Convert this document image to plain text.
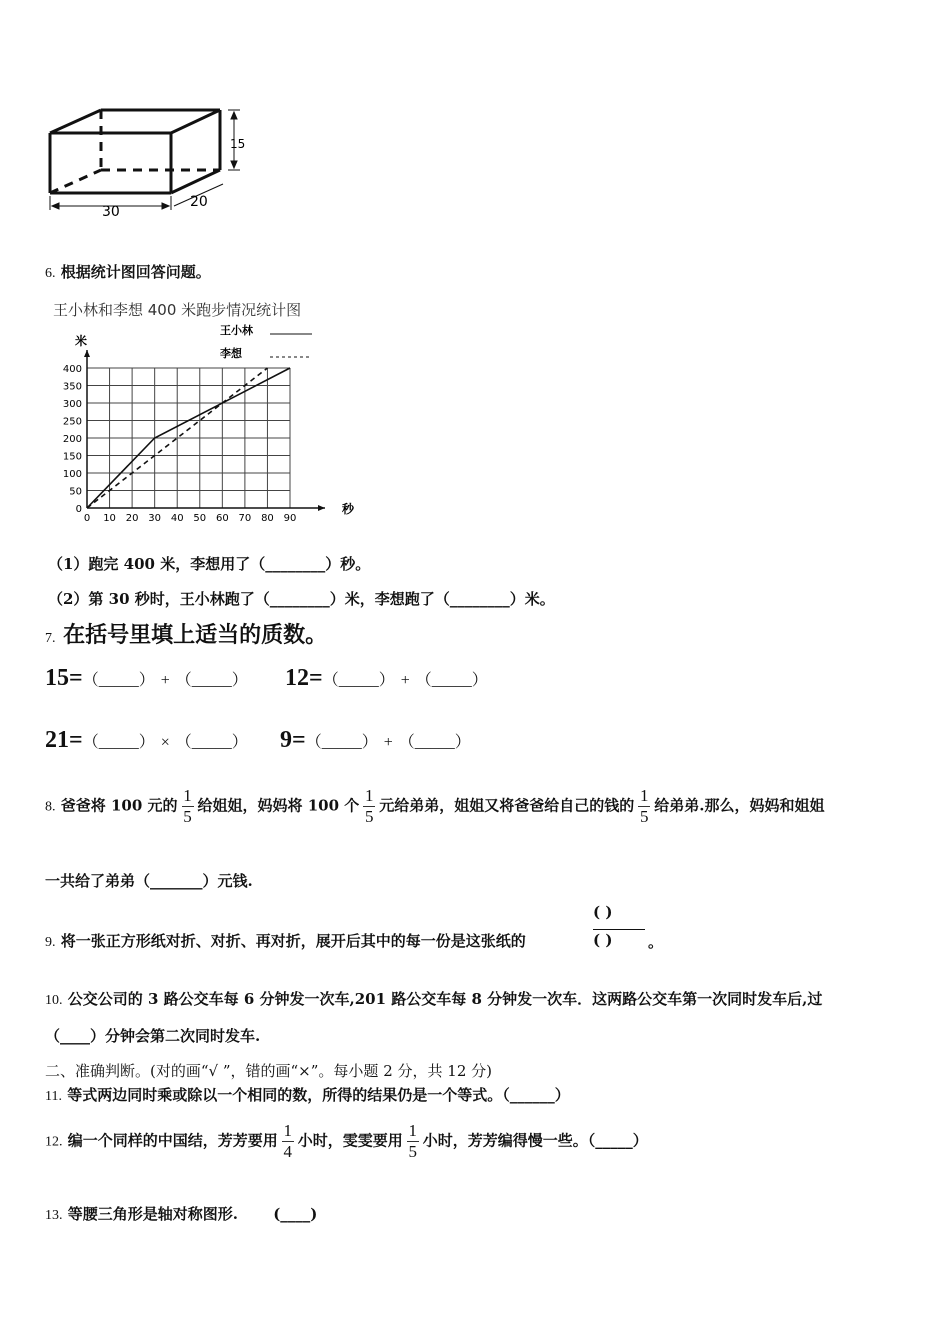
15
30
20
6. 根据统计图回答问题。
王小林和李想 400 米跑步情况统计图
米
秒
王小林
李想
0 10 20 30 40 50 60 70 80 90
0
50
100
150
200
250
300
350
400
（1）跑完 400 米，李想用了（________）秒。
（2）第 30 秒时，王小林跑了（________）米，李想跑了（________）米。
7. 在括号里填上适当的质数。
15=（_____） + （_____） 12=（_____） + （_____）
21=（_____） × （_____） 9=（_____） + （_____）
8. 爸爸将 100 元的 $\frac{1}{5}$ 给姐姐，妈妈将 100 个 $\frac{1}{5}$ 元给弟弟，姐姐又将爸爸给自己的钱的 $\frac{1}{5}$ 给弟弟.那么，妈妈和姐姐
一共给了弟弟（_______）元钱.
9. 将一张正方形纸对折、对折、再对折，展开后其中的每一份是这张纸的
( )
( ) 。
10. 公交公司的 3 路公交车每 6 分钟发一次车,201 路公交车每 8 分钟发一次车．这两路公交车第一次同时发车后,过
（____）分钟会第二次同时发车.
二、准确判断。(对的画“√ ”，错的画“×”。每小题 2 分，共 12 分)
11. 等式两边同时乘或除以一个相同的数，所得的结果仍是一个等式。（______）
12. 编一个同样的中国结，芳芳要用 $\frac{1}{4}$ 小时，雯雯要用 $\frac{1}{5}$ 小时，芳芳编得慢一些。（_____）
13. 等腰三角形是轴对称图形. (____)
